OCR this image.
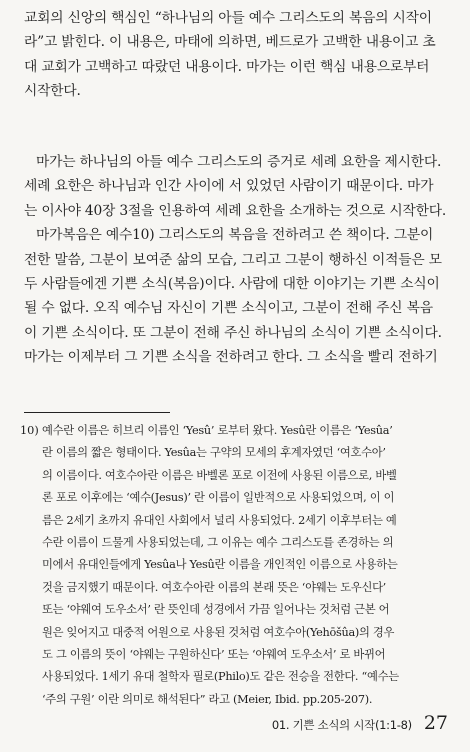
교회의 신앙의 핵심인 “하나님의 아들 예수 그리스도의 복음의 시작이
라”고 밝힌다. 이 내용은, 마태에 의하면, 베드로가 고백한 내용이고 초
대 교회가 고백하고 따랐던 내용이다. 마가는 이런 핵심 내용으로부터
시작한다.
마가는 하나님의 아들 예수 그리스도의 증거로 세례 요한을 제시한다.
세례 요한은 하나님과 인간 사이에 서 있었던 사람이기 때문이다. 마가
는 이사야 40장 3절을 인용하여 세례 요한을 소개하는 것으로 시작한다.
마가복음은 예수10) 그리스도의 복음을 전하려고 쓴 책이다. 그분이
전한 말씀, 그분이 보여준 삶의 모습, 그리고 그분이 행하신 이적들은 모
두 사람들에겐 기쁜 소식(복음)이다. 사람에 대한 이야기는 기쁜 소식이
될 수 없다. 오직 예수님 자신이 기쁜 소식이고, 그분이 전해 주신 복음
이 기쁜 소식이다. 또 그분이 전해 주신 하나님의 소식이 기쁜 소식이다.
마가는 이제부터 그 기쁜 소식을 전하려고 한다. 그 소식을 빨리 전하기
10) 예수란 이름은 히브리 이름인 ‘Yesû’ 로부터 왔다. Yesû란 이름은 ‘Yesûa’
란 이름의 짧은 형태이다. Yesûa는 구약의 모세의 후계자였던 ‘여호수아’
의 이름이다. 여호수아란 이름은 바벨론 포로 이전에 사용된 이름으로, 바벨
론 포로 이후에는 ‘예수(Jesus)’ 란 이름이 일반적으로 사용되었으며, 이 이
름은 2세기 초까지 유대인 사회에서 널리 사용되었다. 2세기 이후부터는 예
수란 이름이 드물게 사용되었는데, 그 이유는 예수 그리스도를 존경하는 의
미에서 유대인들에게 Yesûa나 Yesû란 이름을 개인적인 이름으로 사용하는
것을 금지했기 때문이다. 여호수아란 이름의 본래 뜻은 ‘야웨는 도우신다’
또는 ‘야웨여 도우소서’ 란 뜻인데 성경에서 가끔 일어나는 것처럼 근본 어
원은 잊어지고 대중적 어원으로 사용된 것처럼 여호수아(Yehōšûa)의 경우
도 그 이름의 뜻이 ‘야웨는 구원하신다’ 또는 ‘야웨여 도우소서’ 로 바뀌어
사용되었다. 1세기 유대 철학자 필로(Philo)도 같은 전승을 전한다. “예수는
‘주의 구원’ 이란 의미로 해석된다” 라고 (Meier, Ibid. pp.205-207).
01. 기쁜 소식의 시작(1:1-8) 27
